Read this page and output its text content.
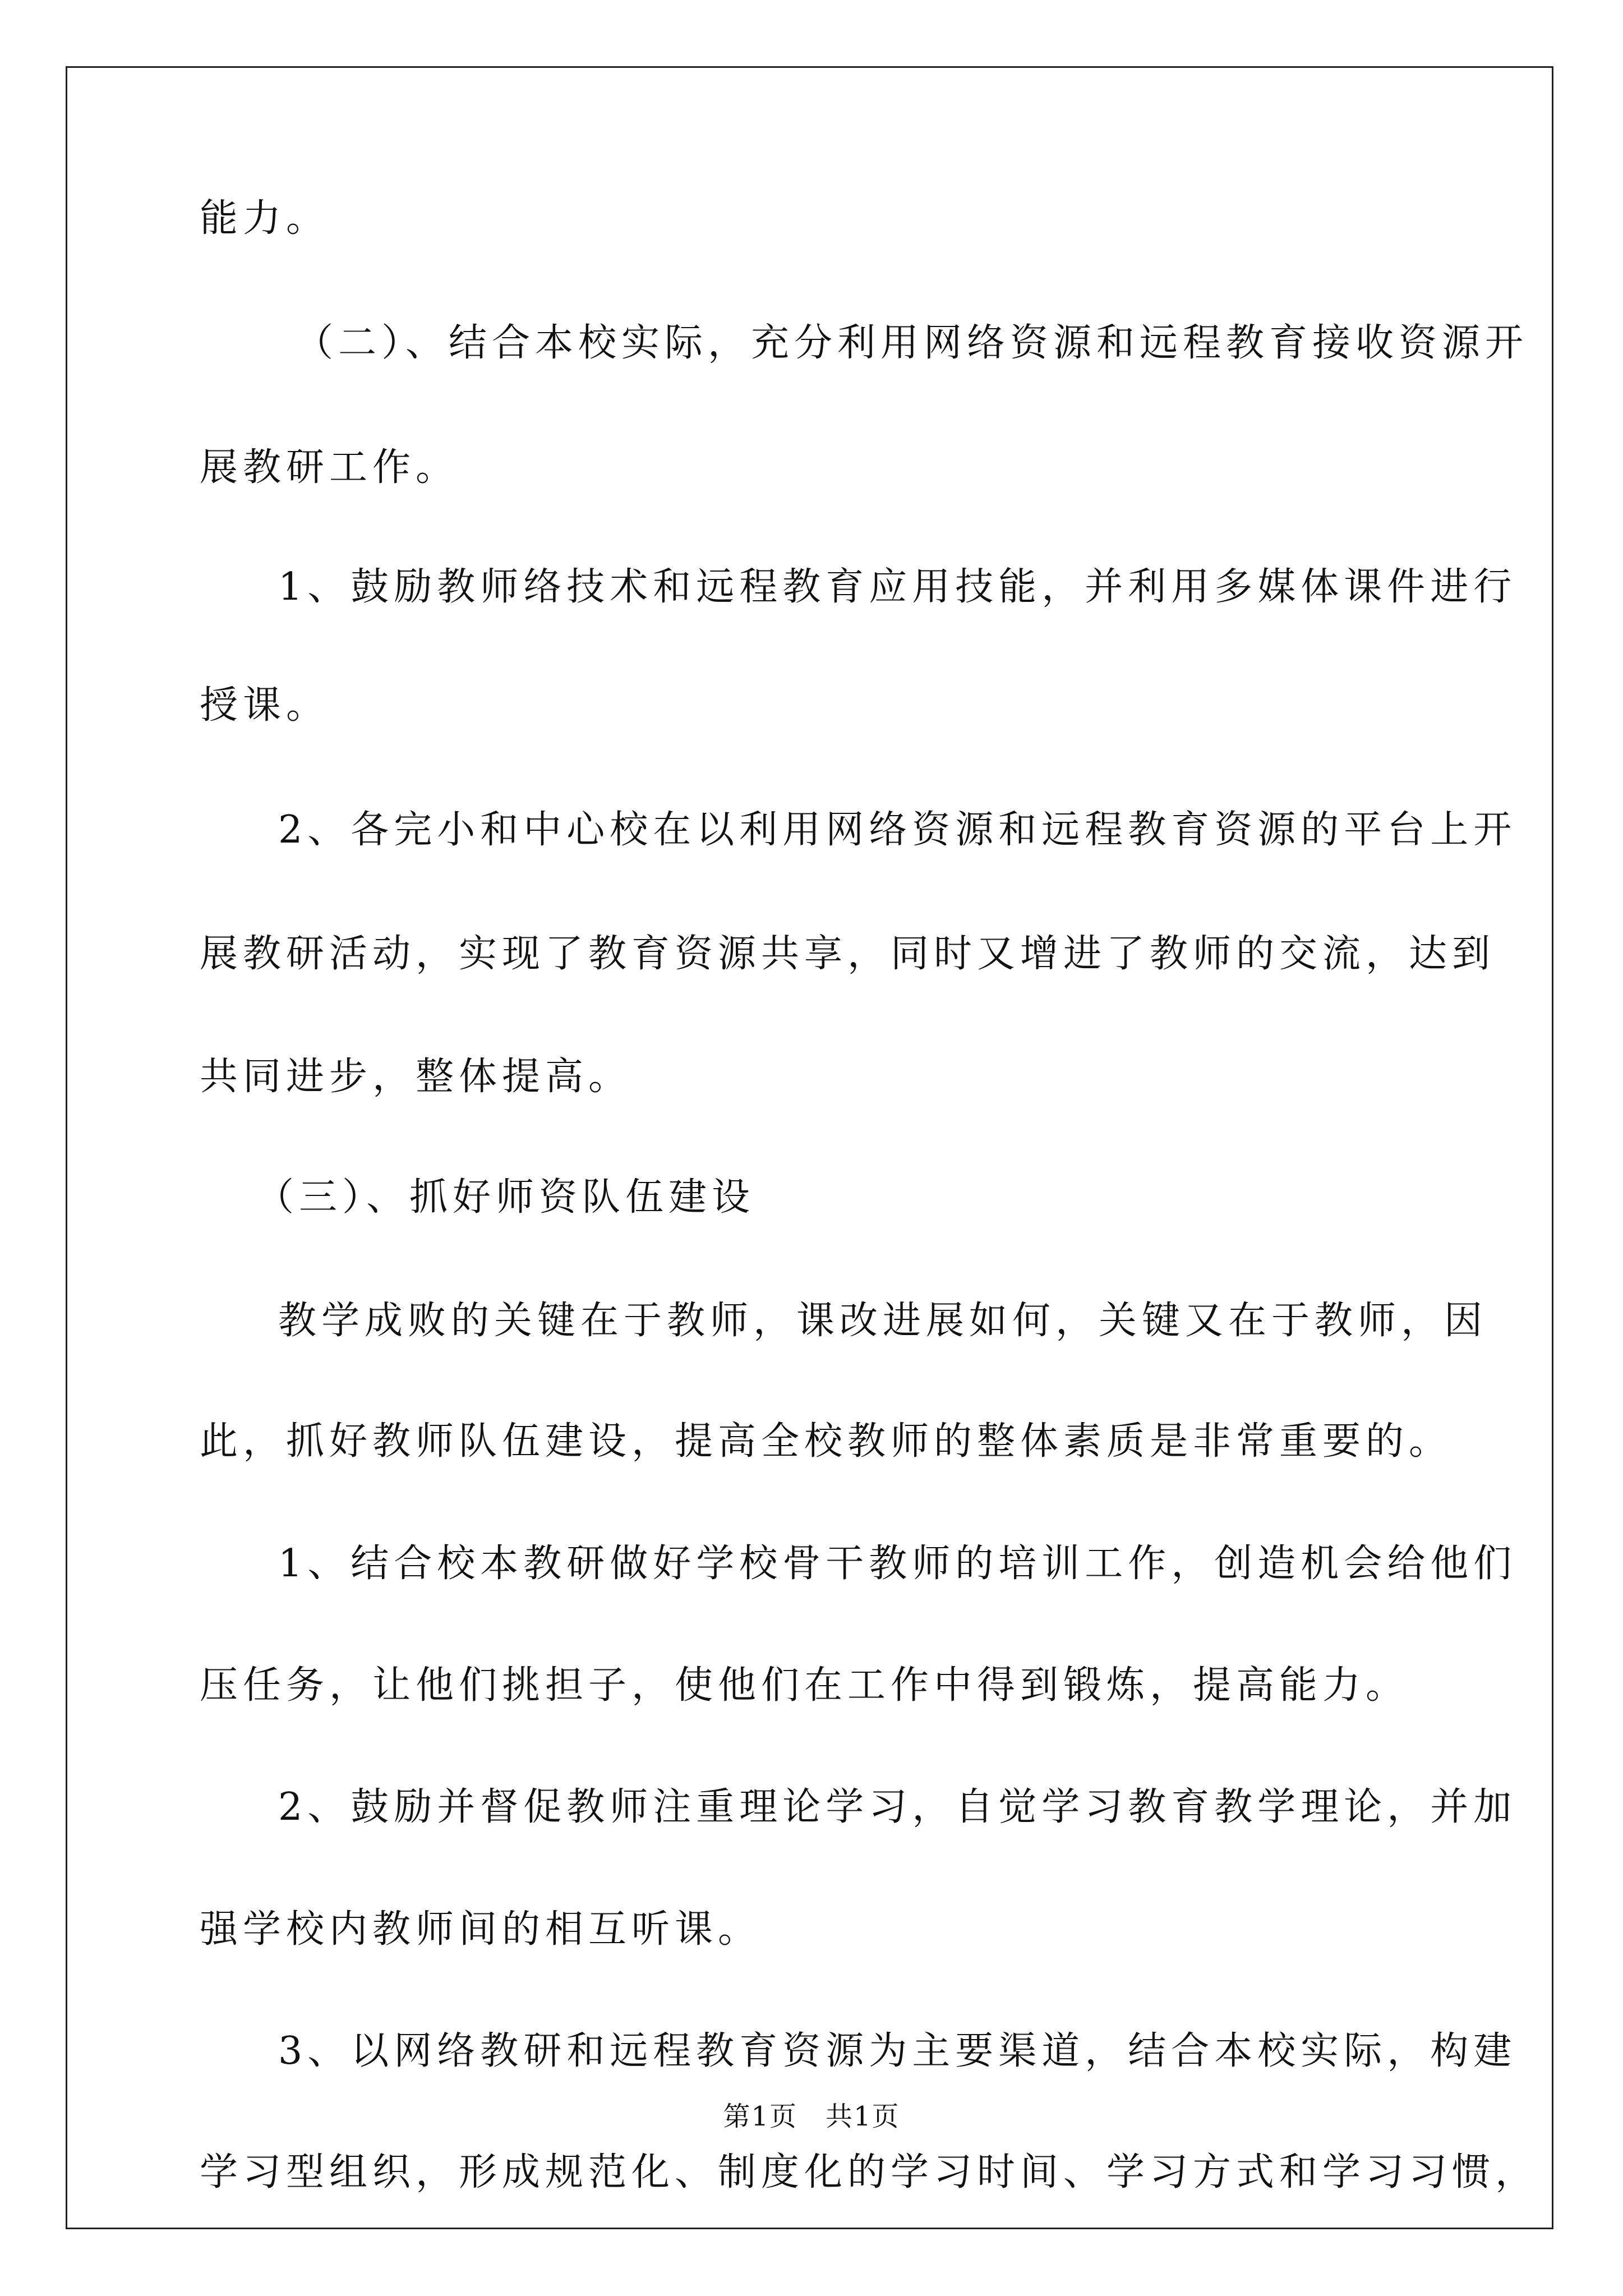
能力。
（二）、结合本校实际，充分利用网络资源和远程教育接收资源开
展教研工作。
1、鼓励教师络技术和远程教育应用技能，并利用多媒体课件进行
授课。
2、各完小和中心校在以利用网络资源和远程教育资源的平台上开
展教研活动，实现了教育资源共享，同时又增进了教师的交流，达到
共同进步，整体提高。
（三）、抓好师资队伍建设
教学成败的关键在于教师，课改进展如何，关键又在于教师，因
此，抓好教师队伍建设，提高全校教师的整体素质是非常重要的。
1、结合校本教研做好学校骨干教师的培训工作，创造机会给他们
压任务，让他们挑担子，使他们在工作中得到锻炼，提高能力。
2、鼓励并督促教师注重理论学习，自觉学习教育教学理论，并加
强学校内教师间的相互听课。
3、以网络教研和远程教育资源为主要渠道，结合本校实际，构建
学习型组织，形成规范化、制度化的学习时间、学习方式和学习习惯，
第1页　共1页
